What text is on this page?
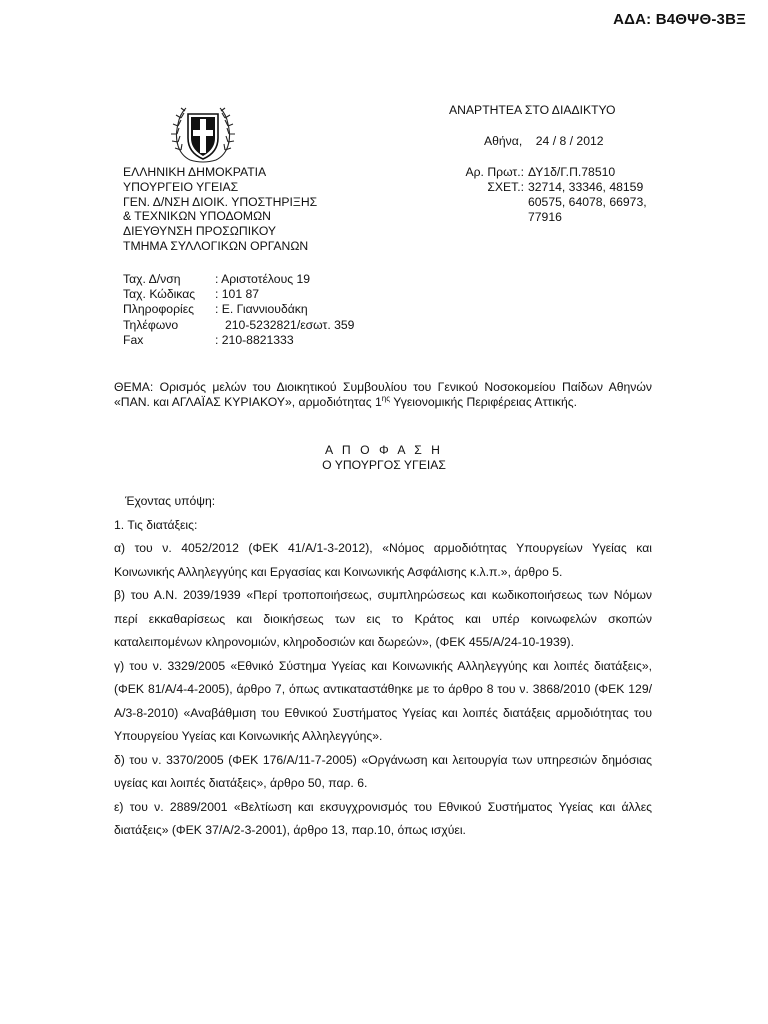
ΑΔΑ: Β4ΘΨΘ-3ΒΞ
ΕΛΛΗΝΙΚΗ ΔΗΜΟΚΡΑΤΙΑ
ΥΠΟΥΡΓΕΙΟ ΥΓΕΙΑΣ
ΓΕΝ. Δ/ΝΣΗ ΔΙΟΙΚ. ΥΠΟΣΤΗΡΙΞΗΣ
& ΤΕΧΝΙΚΩΝ ΥΠΟΔΟΜΩΝ
ΔΙΕΥΘΥΝΣΗ ΠΡΟΣΩΠΙΚΟΥ
ΤΜΗΜΑ ΣΥΛΛΟΓΙΚΩΝ ΟΡΓΑΝΩΝ
ΑΝΑΡΤΗΤΕΑ ΣΤΟ ΔΙΑΔΙΚΤΥΟ
Αθήνα, 24 / 8 / 2012
Αρ. Πρωτ.: ΔΥ1δ/Γ.Π.78510
ΣΧΕΤ.: 32714, 33346, 48159
60575, 64078, 66973,
77916
Ταχ. Δ/νση	: Αριστοτέλους 19
Ταχ. Κώδικας	: 101 87
Πληροφορίες	: Ε. Γιαννιουδάκη
Τηλέφωνο	210-5232821/εσωτ. 359
Fax	: 210-8821333
ΘΕΜΑ: Ορισμός μελών του Διοικητικού Συμβουλίου του Γενικού Νοσοκομείου Παίδων Αθηνών «ΠΑΝ. και ΑΓΛΑΪΑΣ ΚΥΡΙΑΚΟΥ», αρμοδιότητας $1^{\eta\varsigma}$ Υγειονομικής Περιφέρειας Αττικής.
Α Π Ο Φ Α Σ Η
Ο ΥΠΟΥΡΓΟΣ ΥΓΕΙΑΣ

Έχοντας υπόψη:

1. Τις διατάξεις:

α) του ν. 4052/2012 (ΦΕΚ 41/Α/1-3-2012), «Νόμος αρμοδιότητας Υπουργείων Υγείας και Κοινωνικής Αλληλεγγύης και Εργασίας και Κοινωνικής Ασφάλισης κ.λ.π.», άρθρο 5.

β) του Α.Ν. 2039/1939 «Περί τροποποιήσεως, συμπληρώσεως και κωδικοποιήσεως των Νόμων περί εκκαθαρίσεως και διοικήσεως των εις το Κράτος και υπέρ κοινωφελών σκοπών καταλειπομένων κληρονομιών, κληροδοσιών και δωρεών», (ΦΕΚ 455/Α/24-10-1939).

γ) του ν. 3329/2005 «Εθνικό Σύστημα Υγείας και Κοινωνικής Αλληλεγγύης και λοιπές διατάξεις», (ΦΕΚ 81/Α/4-4-2005), άρθρο 7, όπως αντικαταστάθηκε με το άρθρο 8 του ν. 3868/2010 (ΦΕΚ 129/Α/3-8-2010) «Αναβάθμιση του Εθνικού Συστήματος Υγείας και λοιπές διατάξεις αρμοδιότητας του Υπουργείου Υγείας και Κοινωνικής Αλληλεγγύης».

δ) του ν. 3370/2005 (ΦΕΚ 176/Α/11-7-2005) «Οργάνωση και λειτουργία των υπηρεσιών δημόσιας υγείας και λοιπές διατάξεις», άρθρο 50, παρ. 6.

ε) του ν. 2889/2001 «Βελτίωση και εκσυγχρονισμός του Εθνικού Συστήματος Υγείας και άλλες διατάξεις» (ΦΕΚ 37/Α/2-3-2001), άρθρο 13, παρ.10, όπως ισχύει.
